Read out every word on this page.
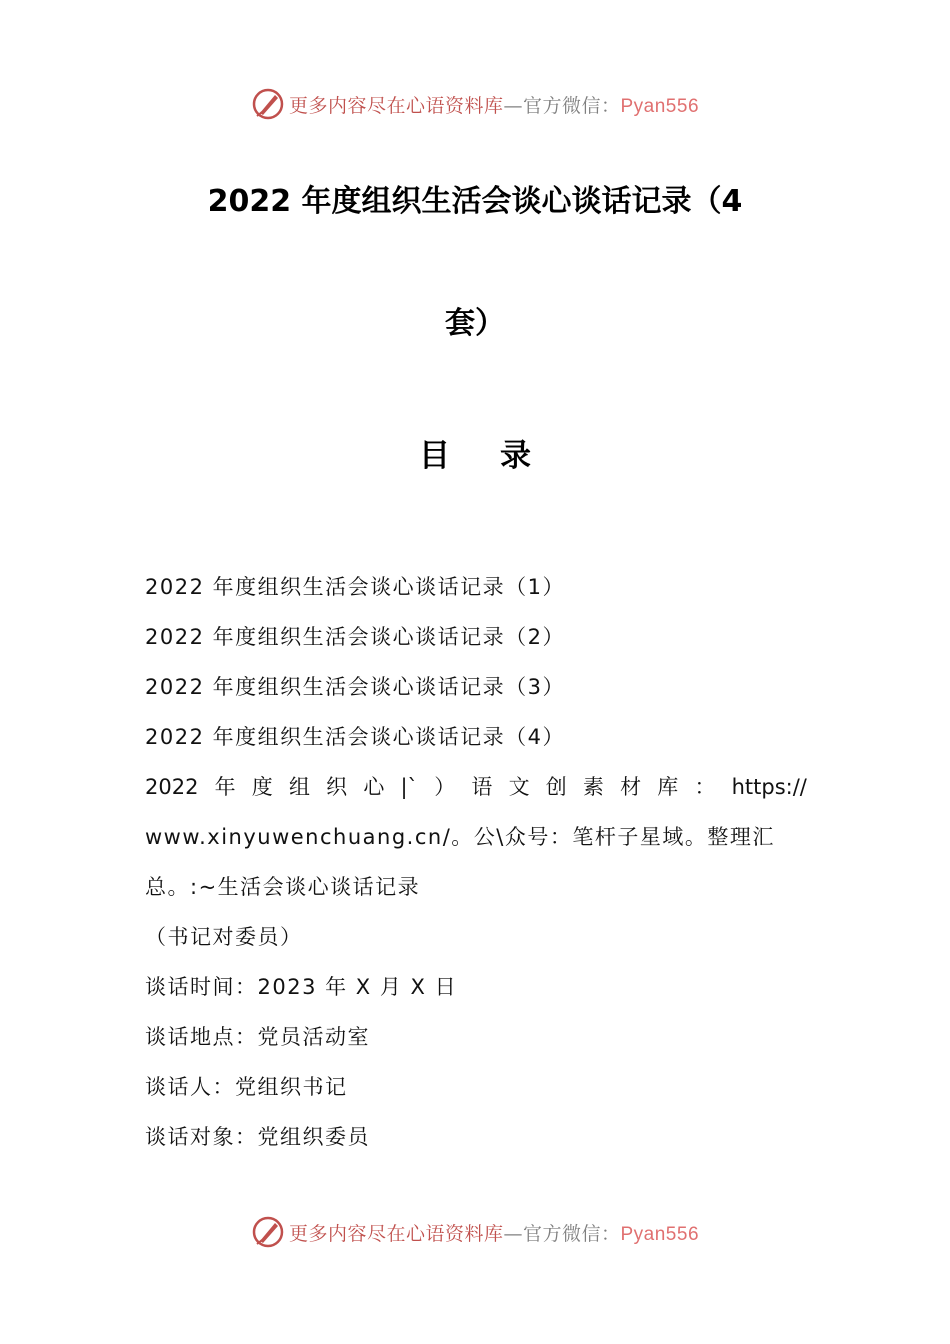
更多内容尽在心语资料库—官方微信：Pyan556
2022 年度组织生活会谈心谈话记录（4
套）
目录
2022 年度组织生活会谈心谈话记录（1）
2022 年度组织生活会谈心谈话记录（2）
2022 年度组织生活会谈心谈话记录（3）
2022 年度组织生活会谈心谈话记录（4）
2022 年 度 组 织 心 |` ） 语 文 创 素 材 库 ： https://
www.xinyuwenchuang.cn/。公\众号：笔杆子星域。整理汇
总。:~生活会谈心谈话记录
（书记对委员）
谈话时间：2023 年 X 月 X 日
谈话地点：党员活动室
谈话人：党组织书记
谈话对象：党组织委员
更多内容尽在心语资料库—官方微信：Pyan556
